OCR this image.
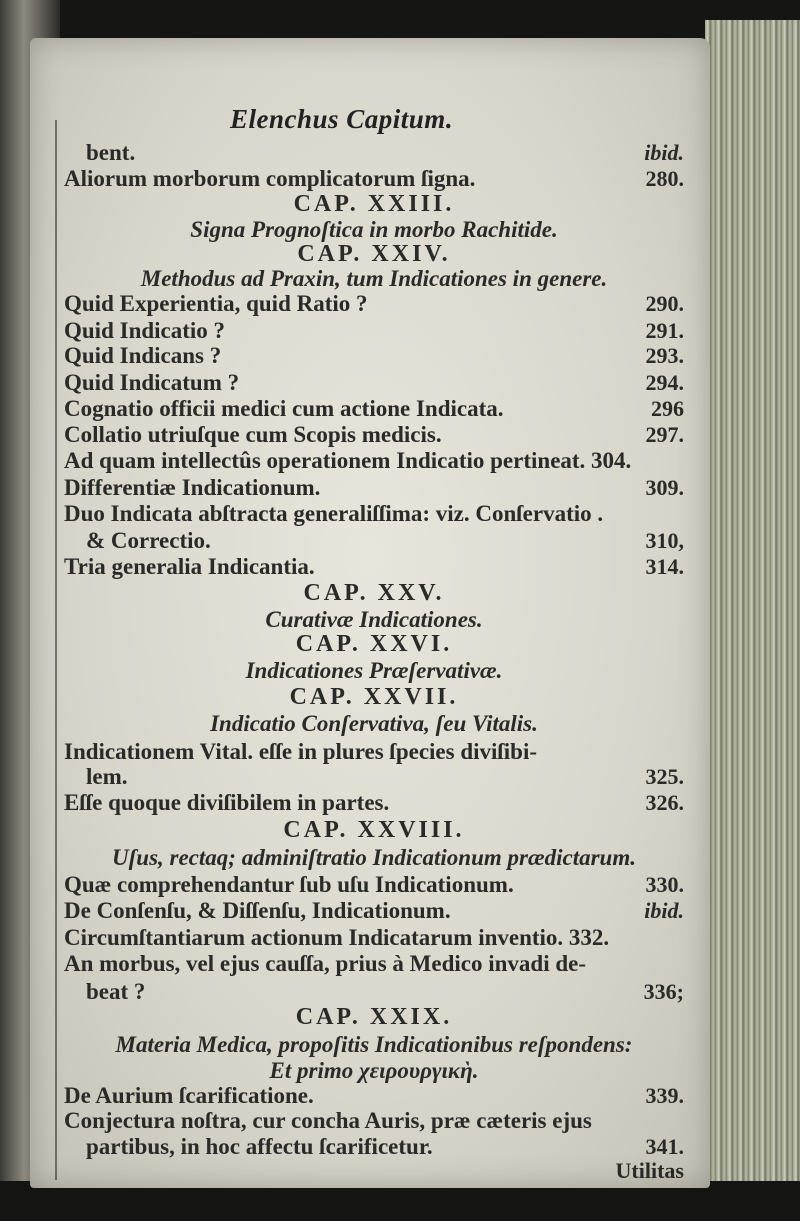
Elenchus Capitum.
bent.	ibid.
Aliorum morborum complicatorum ſigna.	280.
CAP. XXIII.
Signa Prognoſtica in morbo Rachitide.
CAP. XXIV.
Methodus ad Praxin, tum Indicationes in genere.
Quid Experientia, quid Ratio ?	290.
Quid Indicatio ?	291.
Quid Indicans ?	293.
Quid Indicatum ?	294.
Cognatio officii medici cum actione Indicata.	296
Collatio utriuſque cum Scopis medicis.	297.
Ad quam intellectûs operationem Indicatio pertineat. 304.
Differentiæ Indicationum.	309.
Duo Indicata abſtracta generaliſſima: viz. Conſervatio .
& Correctio.	310,
Tria generalia Indicantia.	314.
CAP. XXV.
Curativæ Indicationes.
CAP. XXVI.
Indicationes Præſervativæ.
CAP. XXVII.
Indicatio Conſervativa, ſeu Vitalis.
Indicationem Vital. eſſe in plures ſpecies diviſibi-
lem.	325.
Eſſe quoque diviſibilem in partes.	326.
CAP. XXVIII.
Uſus, rectaq; adminiſtratio Indicationum prædictarum.
Quæ comprehendantur ſub uſu Indicationum.	330.
De Conſenſu, & Diſſenſu, Indicationum.	ibid.
Circumſtantiarum actionum Indicatarum inventio. 332.
An morbus, vel ejus cauſſa, prius à Medico invadi de-
beat ?	336;
CAP. XXIX.
Materia Medica, propoſitis Indicationibus reſpondens:
Et primo χειρουργικὴ.
De Aurium ſcarificatione.	339.
Conjectura noſtra, cur concha Auris, præ cæteris ejus
partibus, in hoc affectu ſcarificetur.	341.
Utilitas
